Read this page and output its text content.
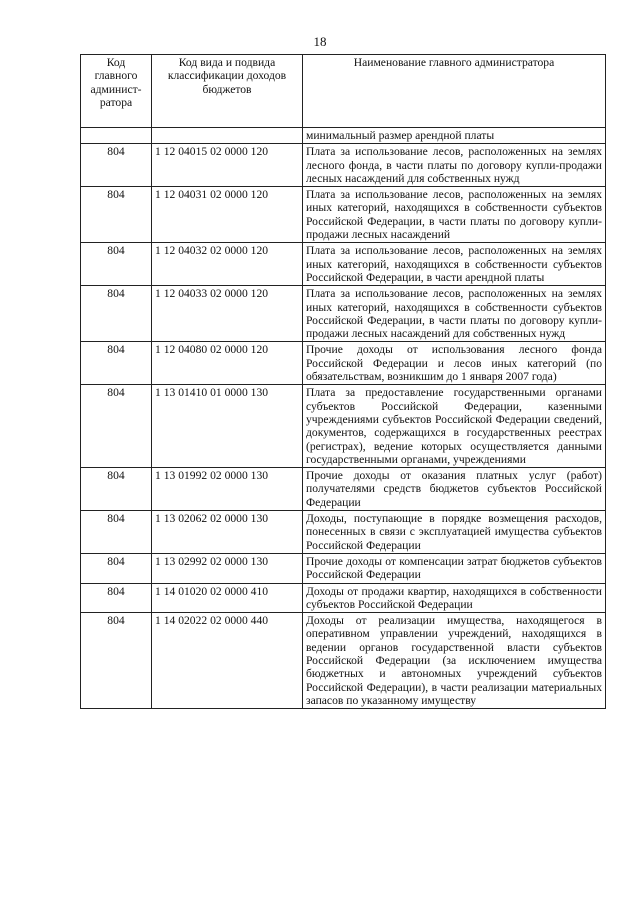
18
Код главного админист-ратора	Код вида и подвида классификации доходов бюджетов	Наименование главного администратора
		минимальный размер арендной платы
804	1 12 04015 02 0000 120	Плата за использование лесов, расположенных на землях лесного фонда, в части платы по договору купли-продажи лесных насаждений для собственных нужд
804	1 12 04031 02 0000 120	Плата за использование лесов, расположенных на землях иных категорий, находящихся в собственности субъектов Российской Федерации, в части платы по договору купли-продажи лесных насаждений
804	1 12 04032 02 0000 120	Плата за использование лесов, расположенных на землях иных категорий, находящихся в собственности субъектов Российской Федерации, в части арендной платы
804	1 12 04033 02 0000 120	Плата за использование лесов, расположенных на землях иных категорий, находящихся в собственности субъектов Российской Федерации, в части платы по договору купли-продажи лесных насаждений для собственных нужд
804	1 12 04080 02 0000 120	Прочие доходы от использования лесного фонда Российской Федерации и лесов иных категорий (по обязательствам, возникшим до 1 января 2007 года)
804	1 13 01410 01 0000 130	Плата за предоставление государственными органами субъектов Российской Федерации, казенными учреждениями субъектов Российской Федерации сведений, документов, содержащихся в государственных реестрах (регистрах), ведение которых осуществляется данными государственными органами, учреждениями
804	1 13 01992 02 0000 130	Прочие доходы от оказания платных услуг (работ) получателями средств бюджетов субъектов Российской Федерации
804	1 13 02062 02 0000 130	Доходы, поступающие в порядке возмещения расходов, понесенных в связи с эксплуатацией имущества субъектов Российской Федерации
804	1 13 02992 02 0000 130	Прочие доходы от компенсации затрат бюджетов субъектов Российской Федерации
804	1 14 01020 02 0000 410	Доходы от продажи квартир, находящихся в собственности субъектов Российской Федерации
804	1 14 02022 02 0000 440	Доходы от реализации имущества, находящегося в оперативном управлении учреждений, находящихся в ведении органов государственной власти субъектов Российской Федерации (за исключением имущества бюджетных и автономных учреждений субъектов Российской Федерации), в части реализации материальных запасов по указанному имуществу
